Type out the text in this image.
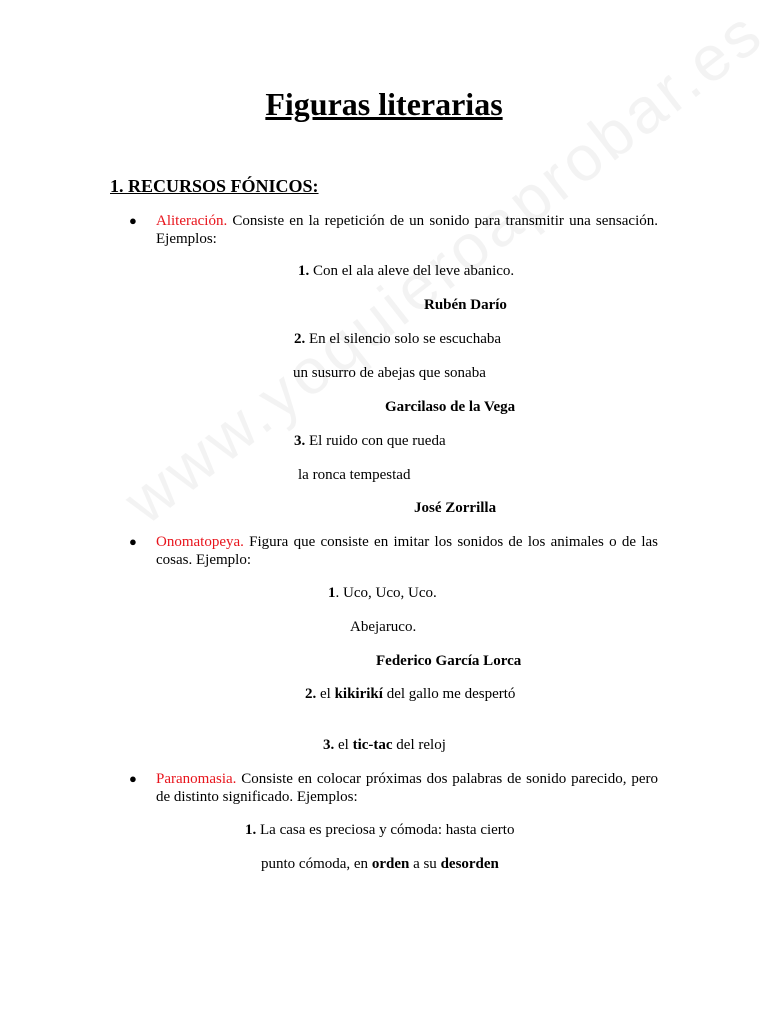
Figuras literarias
1. RECURSOS FÓNICOS:
● Aliteración. Consiste en la repetición de un sonido para transmitir una sensación. Ejemplos:
1. Con el ala aleve del leve abanico.
Rubén Darío
2. En el silencio solo se escuchaba
un susurro de abejas que sonaba
Garcilaso de la Vega
3. El ruido con que rueda
la ronca tempestad
José Zorrilla
● Onomatopeya. Figura que consiste en imitar los sonidos de los animales o de las cosas. Ejemplo:
1. Uco, Uco, Uco.
Abejaruco.
Federico García Lorca
2. el kikirikí del gallo me despertó
3. el tic-tac del reloj
● Paranomasia. Consiste en colocar próximas dos palabras de sonido parecido, pero de distinto significado. Ejemplos:
1. La casa es preciosa y cómoda: hasta cierto
punto cómoda, en orden a su desorden
